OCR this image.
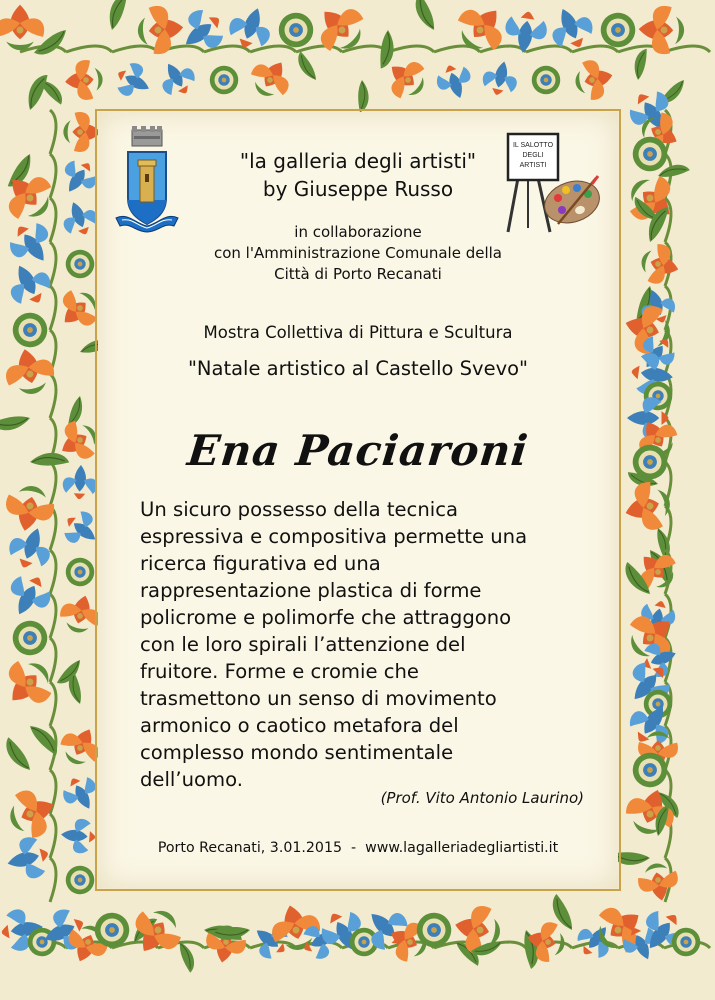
IL SALOTTO
DEGLI
ARTISTI

"la galleria degli artisti"

by Giuseppe Russo

in collaborazione

con l'Amministrazione Comunale della

Città di Porto Recanati

Mostra Collettiva di Pittura e Scultura

"Natale artistico al Castello Svevo"

Ena Paciaroni

Un sicuro possesso della tecnica
espressiva e compositiva permette una
ricerca figurativa ed una
rappresentazione plastica di forme
policrome e polimorfe che attraggono
con le loro spirali l’attenzione del
fruitore. Forme e cromie che
trasmettono un senso di movimento
armonico o caotico metafora del
complesso mondo sentimentale
dell’uomo.

(Prof. Vito Antonio Laurino)

Porto Recanati, 3.01.2015  -  www.lagalleriadegliartisti.it
